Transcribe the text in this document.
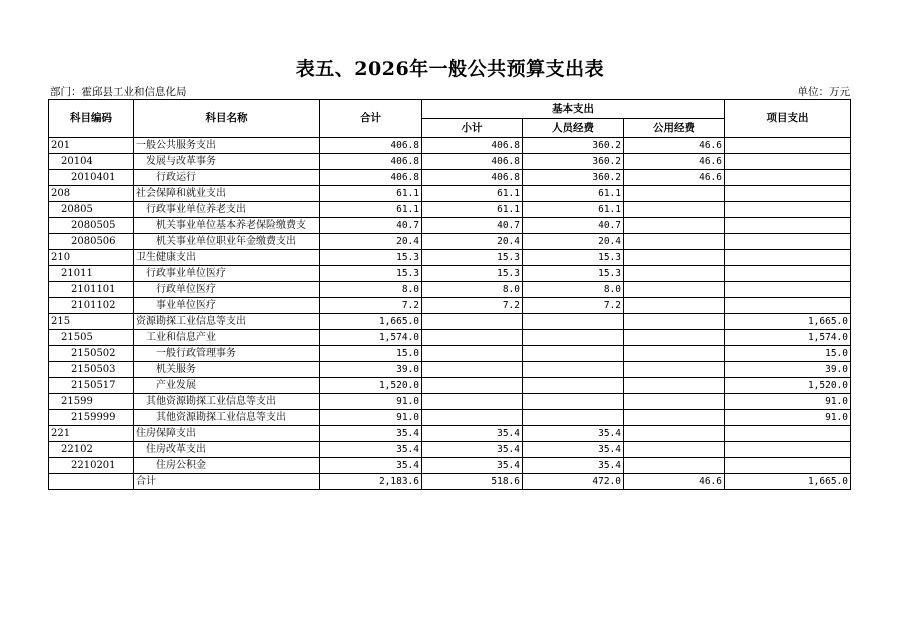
表五、2026年一般公共预算支出表
部门：霍邱县工业和信息化局	单位：万元
科目编码	科目名称	合计	基本支出			项目支出
			小计	人员经费	公用经费	
201	一般公共服务支出	406.8	406.8	360.2	46.6	
20104	发展与改革事务	406.8	406.8	360.2	46.6	
2010401	行政运行	406.8	406.8	360.2	46.6	
208	社会保障和就业支出	61.1	61.1	61.1		
20805	行政事业单位养老支出	61.1	61.1	61.1		
2080505	机关事业单位基本养老保险缴费支	40.7	40.7	40.7		
2080506	机关事业单位职业年金缴费支出	20.4	20.4	20.4		
210	卫生健康支出	15.3	15.3	15.3		
21011	行政事业单位医疗	15.3	15.3	15.3		
2101101	行政单位医疗	8.0	8.0	8.0		
2101102	事业单位医疗	7.2	7.2	7.2		
215	资源勘探工业信息等支出	1,665.0				1,665.0
21505	工业和信息产业	1,574.0				1,574.0
2150502	一般行政管理事务	15.0				15.0
2150503	机关服务	39.0				39.0
2150517	产业发展	1,520.0				1,520.0
21599	其他资源勘探工业信息等支出	91.0				91.0
2159999	其他资源勘探工业信息等支出	91.0				91.0
221	住房保障支出	35.4	35.4	35.4		
22102	住房改革支出	35.4	35.4	35.4		
2210201	住房公积金	35.4	35.4	35.4		
	合计	2,183.6	518.6	472.0	46.6	1,665.0
